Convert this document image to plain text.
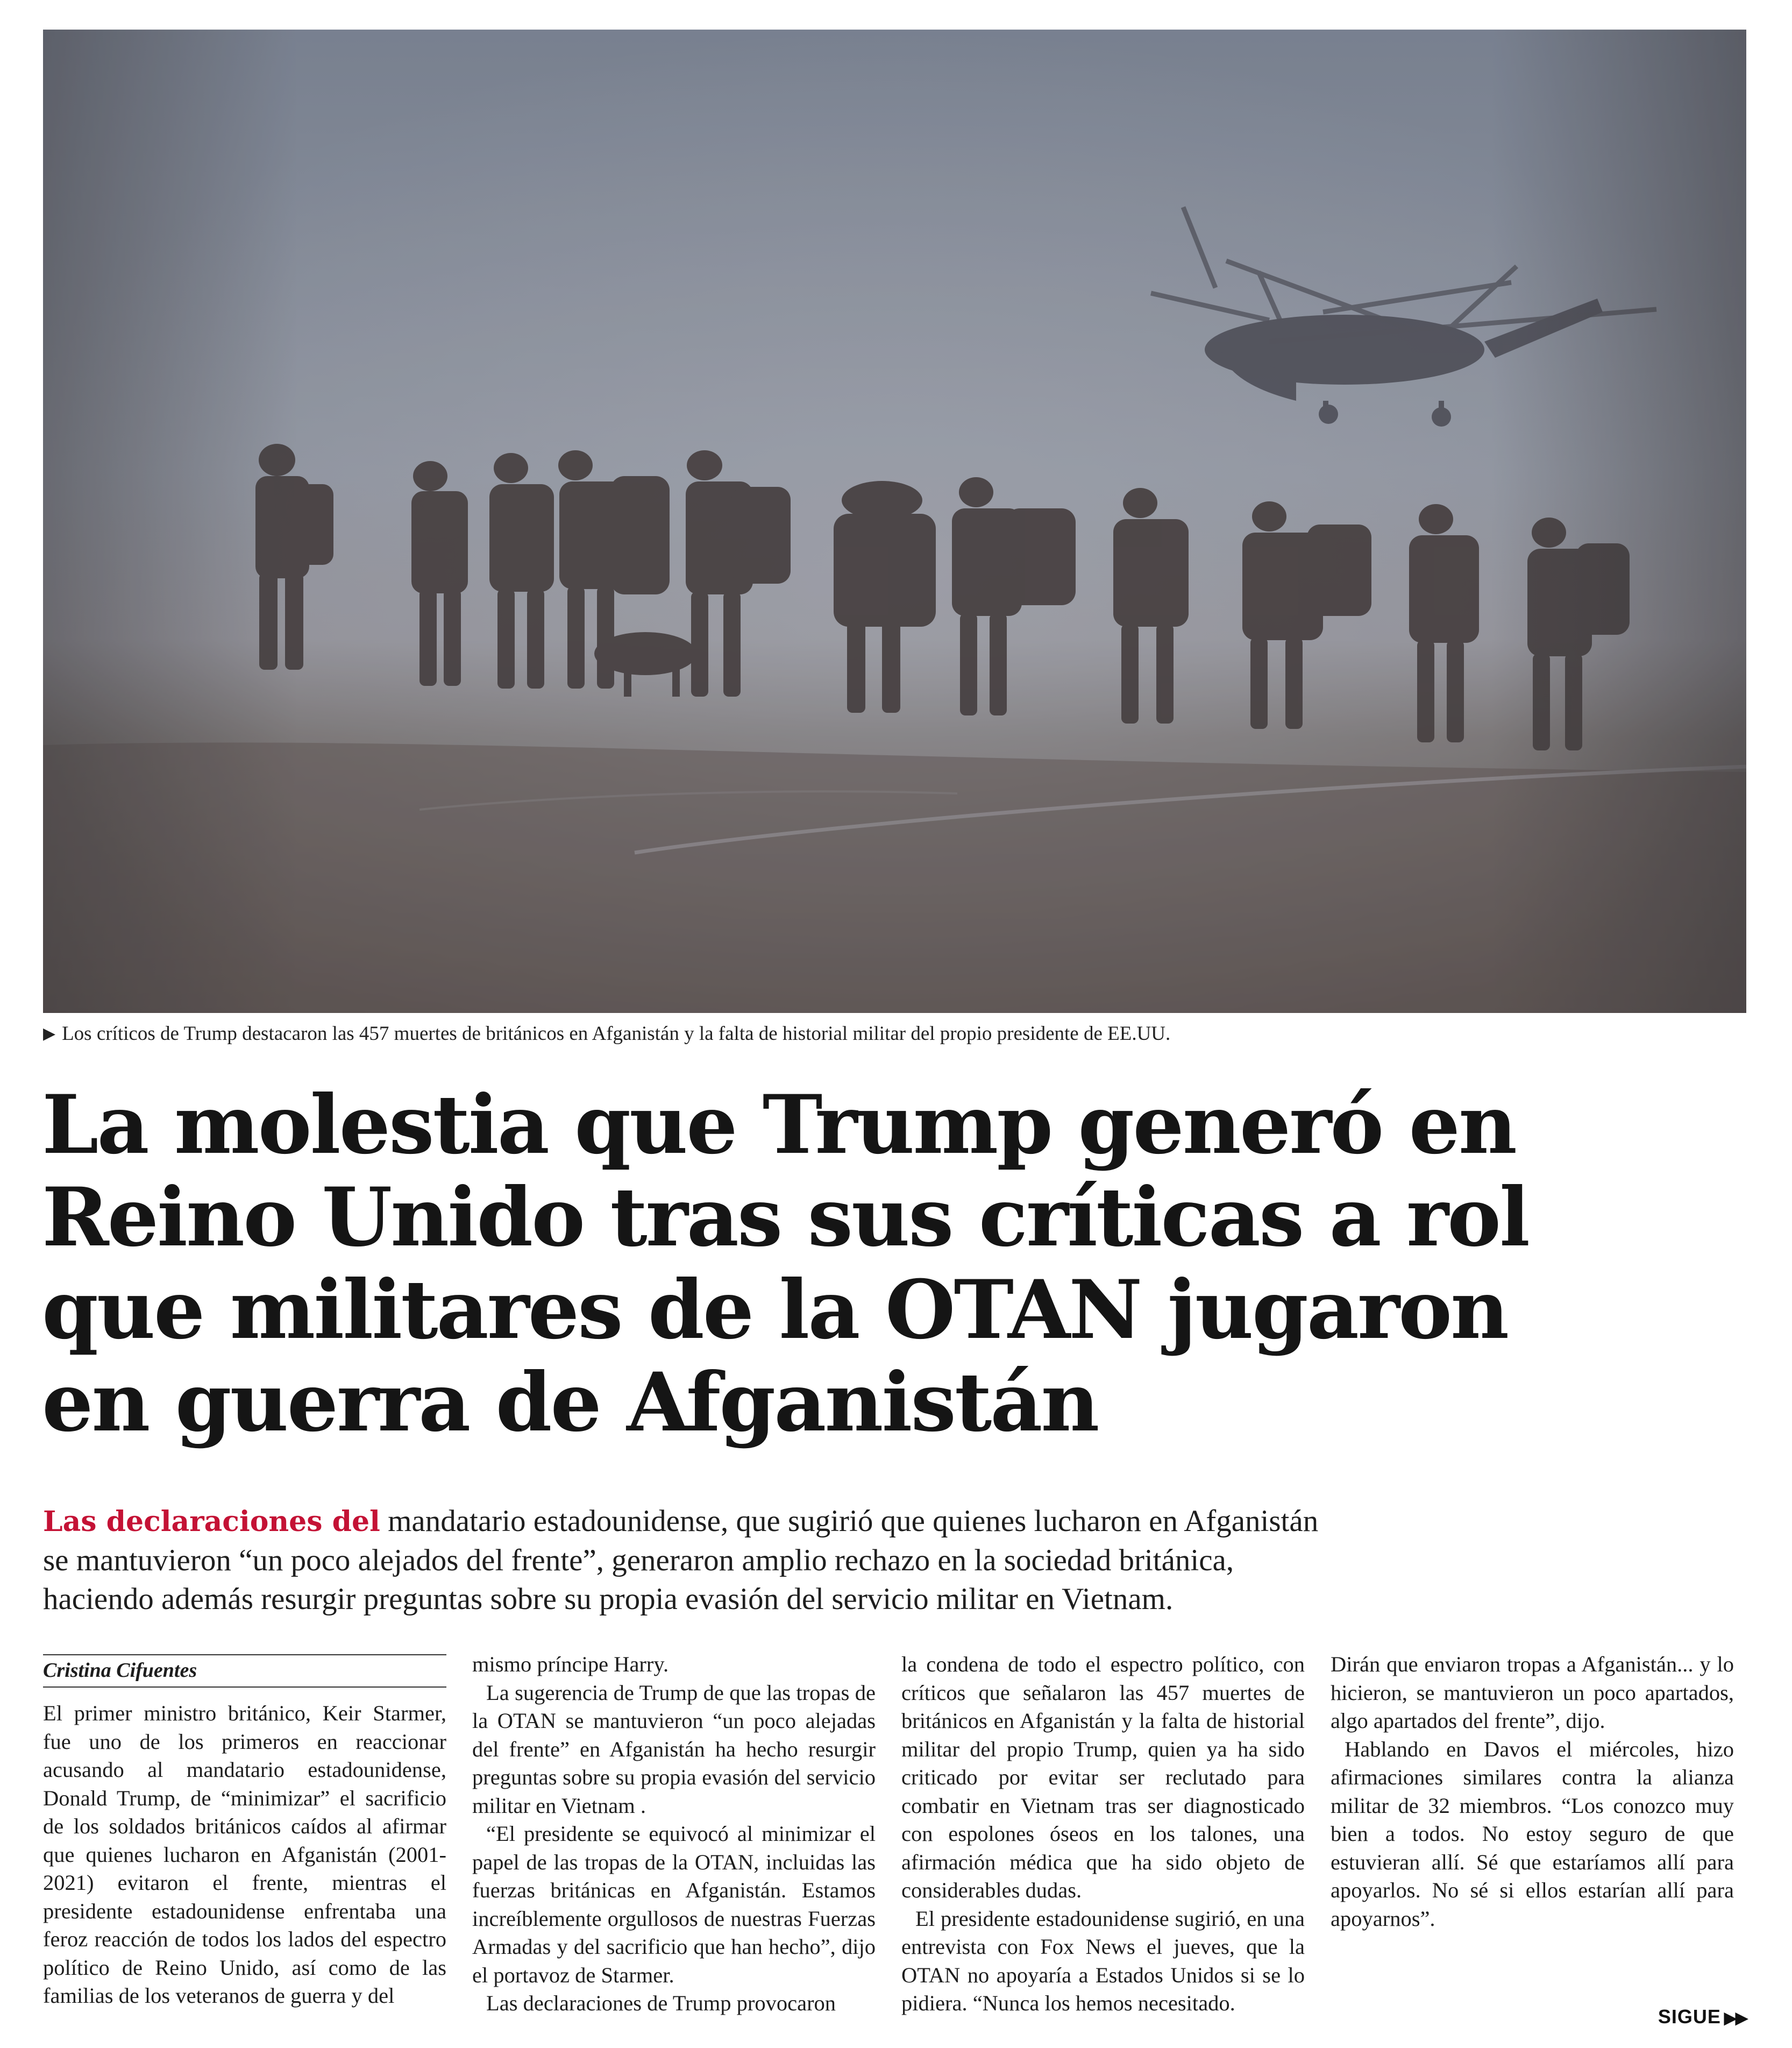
▶ Los críticos de Trump destacaron las 457 muertes de británicos en Afganistán y la falta de historial militar del propio presidente de EE.UU.
La molestia que Trump generó en
Reino Unido tras sus críticas a rol
que militares de la OTAN jugaron
en guerra de Afganistán
Las declaraciones del mandatario estadounidense, que sugirió que quienes lucharon en Afganistán
se mantuvieron “un poco alejados del frente”, generaron amplio rechazo en la sociedad británica,
haciendo además resurgir preguntas sobre su propia evasión del servicio militar en Vietnam.
Cristina Cifuentes

El primer ministro británico, Keir Starmer, fue uno de los primeros en reaccionar acusando al mandatario estadounidense, Donald Trump, de “minimizar” el sacrificio de los soldados británicos caídos al afirmar que quienes lucharon en Afganistán (2001-2021) evitaron el frente, mientras el presidente estadounidense enfrentaba una feroz reacción de todos los lados del espectro político de Reino Unido, así como de las familias de los veteranos de guerra y del

mismo príncipe Harry.

La sugerencia de Trump de que las tropas de la OTAN se mantuvieron “un poco alejadas del frente” en Afganistán ha hecho resurgir preguntas sobre su propia evasión del servicio militar en Vietnam .

“El presidente se equivocó al minimizar el papel de las tropas de la OTAN, incluidas las fuerzas británicas en Afganistán. Estamos increíblemente orgullosos de nuestras Fuerzas Armadas y del sacrificio que han hecho”, dijo el portavoz de Starmer.

Las declaraciones de Trump provocaron

la condena de todo el espectro político, con críticos que señalaron las 457 muertes de británicos en Afganistán y la falta de historial militar del propio Trump, quien ya ha sido criticado por evitar ser reclutado para combatir en Vietnam tras ser diagnosticado con espolones óseos en los talones, una afirmación médica que ha sido objeto de considerables dudas.

El presidente estadounidense sugirió, en una entrevista con Fox News el jueves, que la OTAN no apoyaría a Estados Unidos si se lo pidiera. “Nunca los hemos necesitado.

Dirán que enviaron tropas a Afganistán... y lo hicieron, se mantuvieron un poco apartados, algo apartados del frente”, dijo.

Hablando en Davos el miércoles, hizo afirmaciones similares contra la alianza militar de 32 miembros. “Los conozco muy bien a todos. No estoy seguro de que estuvieran allí. Sé que estaríamos allí para apoyarlos. No sé si ellos estarían allí para apoyarnos”.

SIGUE ▶▶
